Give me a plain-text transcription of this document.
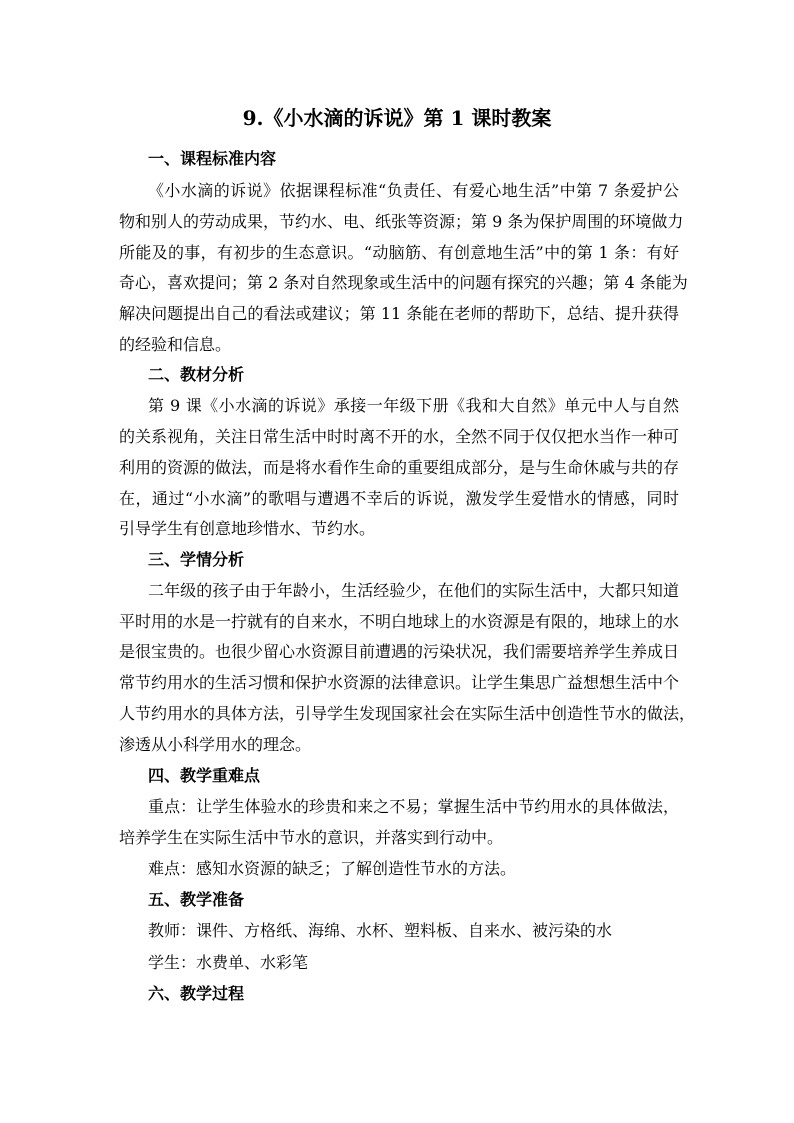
9.《小水滴的诉说》第 1 课时教案
一、课程标准内容
《小水滴的诉说》依据课程标准“负责任、有爱心地生活”中第 7 条爱护公
物和别人的劳动成果，节约水、电、纸张等资源；第 9 条为保护周围的环境做力
所能及的事，有初步的生态意识。“动脑筋、有创意地生活”中的第 1 条：有好
奇心，喜欢提问；第 2 条对自然现象或生活中的问题有探究的兴趣；第 4 条能为
解决问题提出自己的看法或建议；第 11 条能在老师的帮助下，总结、提升获得
的经验和信息。
二、教材分析
第 9 课《小水滴的诉说》承接一年级下册《我和大自然》单元中人与自然
的关系视角，关注日常生活中时时离不开的水，全然不同于仅仅把水当作一种可
利用的资源的做法，而是将水看作生命的重要组成部分，是与生命休戚与共的存
在，通过“小水滴”的歌唱与遭遇不幸后的诉说，激发学生爱惜水的情感，同时
引导学生有创意地珍惜水、节约水。
三、学情分析
二年级的孩子由于年龄小，生活经验少，在他们的实际生活中，大都只知道
平时用的水是一拧就有的自来水，不明白地球上的水资源是有限的，地球上的水
是很宝贵的。也很少留心水资源目前遭遇的污染状况，我们需要培养学生养成日
常节约用水的生活习惯和保护水资源的法律意识。让学生集思广益想想生活中个
人节约用水的具体方法，引导学生发现国家社会在实际生活中创造性节水的做法，
渗透从小科学用水的理念。
四、教学重难点
重点：让学生体验水的珍贵和来之不易；掌握生活中节约用水的具体做法，
培养学生在实际生活中节水的意识，并落实到行动中。
难点：感知水资源的缺乏；了解创造性节水的方法。
五、教学准备
教师：课件、方格纸、海绵、水杯、塑料板、自来水、被污染的水
学生：水费单、水彩笔
六、教学过程
